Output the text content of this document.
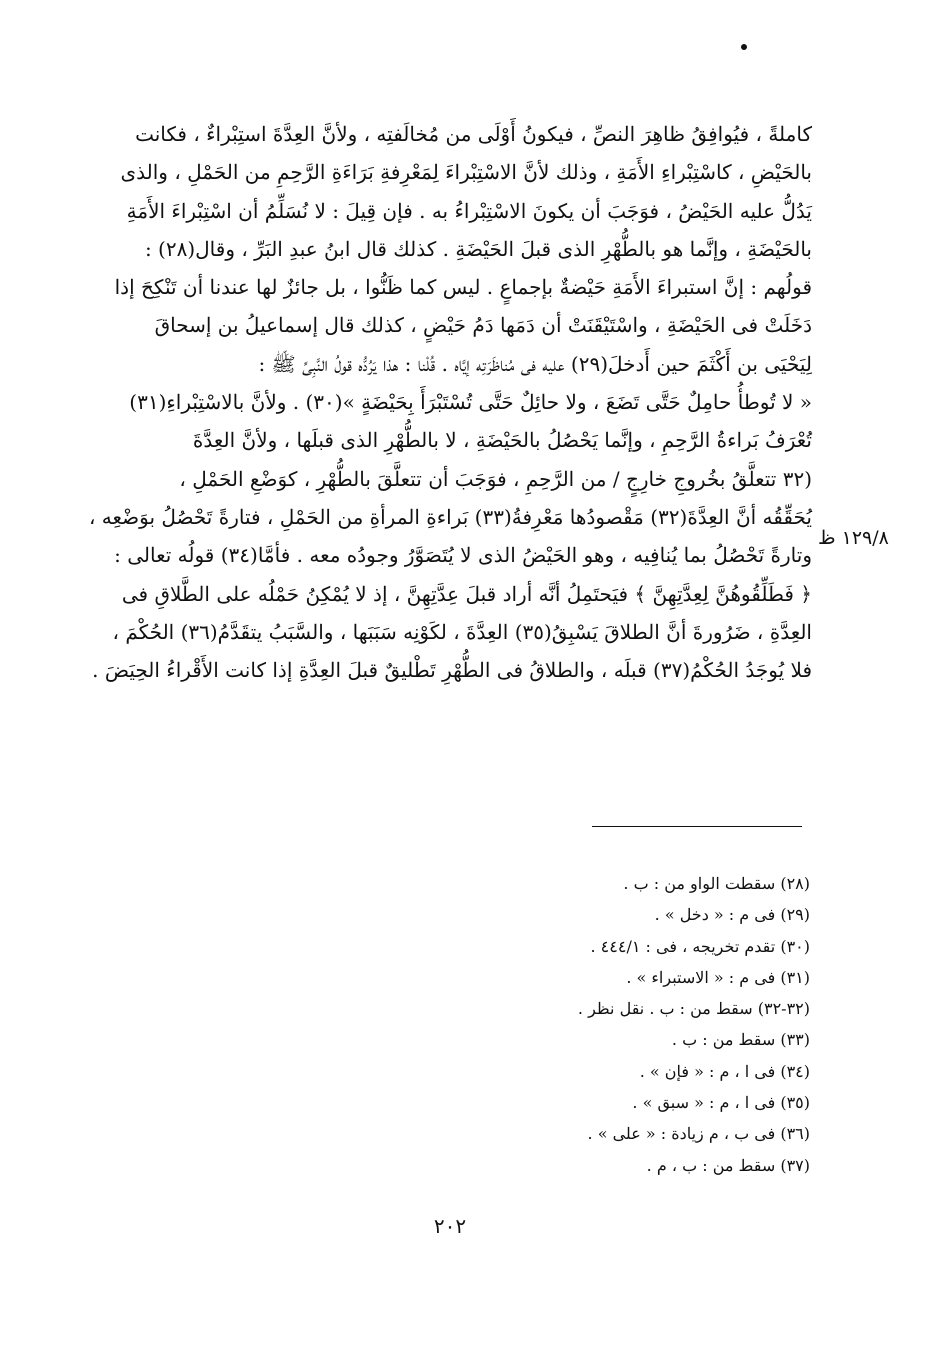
كاملةً ، فيُوافِقُ ظاهِرَ النصِّ ، فيكونُ أَوْلَى من مُخالَفتِه ، ولأنَّ العِدَّةَ استِبْراءٌ ، فكانت
بالحَيْضِ ، كاسْتِبْراءِ الأَمَةِ ، وذلك لأنَّ الاسْتِبْراءَ لِمَعْرِفةِ بَرَاءَةِ الرَّحِمِ من الحَمْلِ ، والذى
يَدُلُّ عليه الحَيْضُ ، فوَجَبَ أن يكونَ الاسْتِبْراءُ به . فإن قِيلَ : لا نُسَلِّمُ أن اسْتِبْراءَ الأَمَةِ
بالحَيْضَةِ ، وإنَّما هو بالطُّهْرِ الذى قبلَ الحَيْضَةِ . كذلك قال ابنُ عبدِ البَرِّ ، وقال(٢٨) :
قولُهم : إنَّ استبراءَ الأَمَةِ حَيْضةٌ بإجماعٍ . ليس كما ظَنُّوا ، بل جائزٌ لها عندنا أن تَنْكِحَ إذا
دَخَلَتْ فى الحَيْضَةِ ، واسْتَيْقَنَتْ أن دَمَها دَمُ حَيْضٍ ، كذلك قال إسماعيلُ بن إسحاقَ
لِيَحْيَى بن أَكْثَمَ حين أَدخلَ(٢٩) عليه فى مُناظَرَتِه إيَّاه . قُلْنا : هذا يَرُدُّه قولُ النَّبِىِّ ﷺ :
« لا تُوطأُ حامِلٌ حَتَّى تَضَعَ ، ولا حائِلٌ حَتَّى تُسْتَبْرَأَ بِحَيْضَةٍ »(٣٠) . ولأنَّ بالاسْتِبْراءِ(٣١)
تُعْرَفُ بَراءةُ الرَّحِمِ ، وإنَّما يَحْصُلُ بالحَيْضَةِ ، لا بالطُّهْرِ الذى قبلَها ، ولأنَّ العِدَّةَ
(٣٢ تتعلَّقُ بخُروجِ خارِجٍ / من الرَّحِمِ ، فوَجَبَ أن تتعلَّقَ بالطُّهْرِ ، كوَضْعِ الحَمْلِ ،
يُحَقِّقُه أنَّ العِدَّةَ(٣٢) مَقْصودُها مَعْرِفةُ(٣٣) بَراءةِ المرأةِ من الحَمْلِ ، فتارةً تَحْصُلُ بوَضْعِه ،
وتارةً تَحْصُلُ بما يُنافِيه ، وهو الحَيْضُ الذى لا يُتَصَوَّرُ وجودُه معه . فأمَّا(٣٤) قولُه تعالى :
﴿ فَطَلِّقُوهُنَّ لِعِدَّتِهِنَّ ﴾ فيَحتَمِلُ أنَّه أراد قبلَ عِدَّتِهِنَّ ، إذ لا يُمْكِنُ حَمْلُه على الطَّلاقِ فى
العِدَّةِ ، ضَرُورةَ أنَّ الطلاقَ يَسْبِقُ(٣٥) العِدَّةَ ، لكَوْنِه سَبَبَها ، والسَّبَبُ يتقَدَّمُ(٣٦) الحُكْمَ ،
فلا يُوجَدُ الحُكْمُ(٣٧) قبلَه ، والطلاقُ فى الطُّهْرِ تَطْليقٌ قبلَ العِدَّةِ إذا كانت الأَقْراءُ الحِيَضَ .
١٢٩/٨ ظ
(٢٨) سقطت الواو من : ب .
(٢٩) فى م : « دخل » .
(٣٠) تقدم تخريجه ، فى : ٤٤٤/١ .
(٣١) فى م : « الاستبراء » .
(٣٢-٣٢) سقط من : ب . نقل نظر .
(٣٣) سقط من : ب .
(٣٤) فى ا ، م : « فإن » .
(٣٥) فى ا ، م : « سبق » .
(٣٦) فى ب ، م زيادة : « على » .
(٣٧) سقط من : ب ، م .
٢٠٢
